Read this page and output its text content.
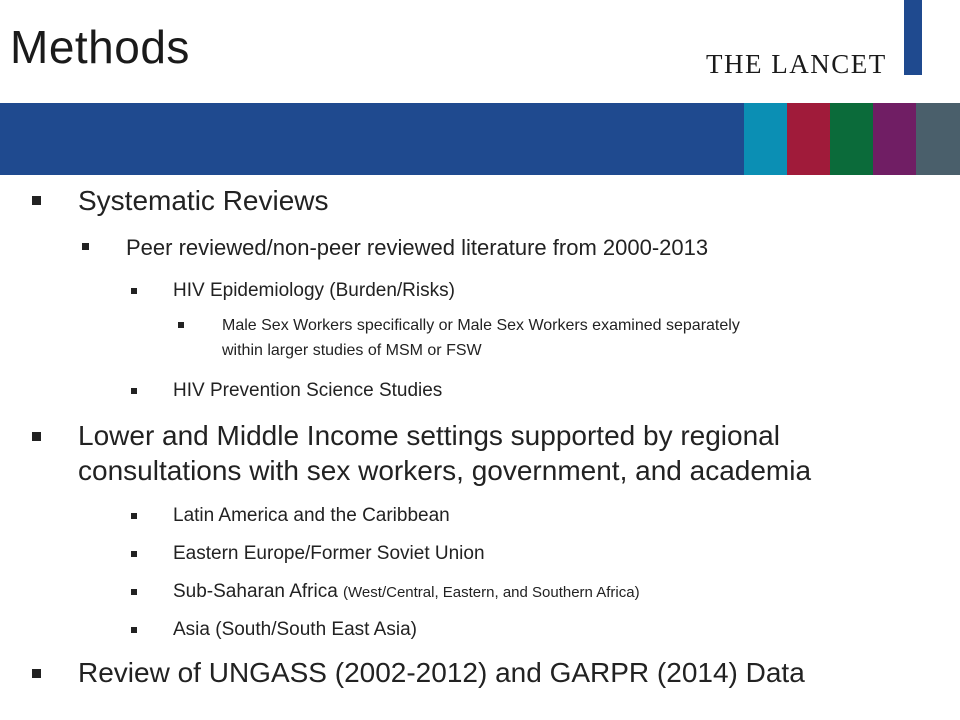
Methods	THE LANCET
Systematic Reviews
Peer reviewed/non-peer reviewed literature from 2000-2013
HIV Epidemiology (Burden/Risks)
Male Sex Workers specifically or Male Sex Workers examined separately
within larger studies of MSM or FSW
HIV Prevention Science Studies
Lower and Middle Income settings supported by regional
consultations with sex workers, government, and academia
Latin America and the Caribbean
Eastern Europe/Former Soviet Union
Sub-Saharan Africa (West/Central, Eastern, and Southern Africa)
Asia (South/South East Asia)
Review of UNGASS (2002-2012) and GARPR (2014) Data
